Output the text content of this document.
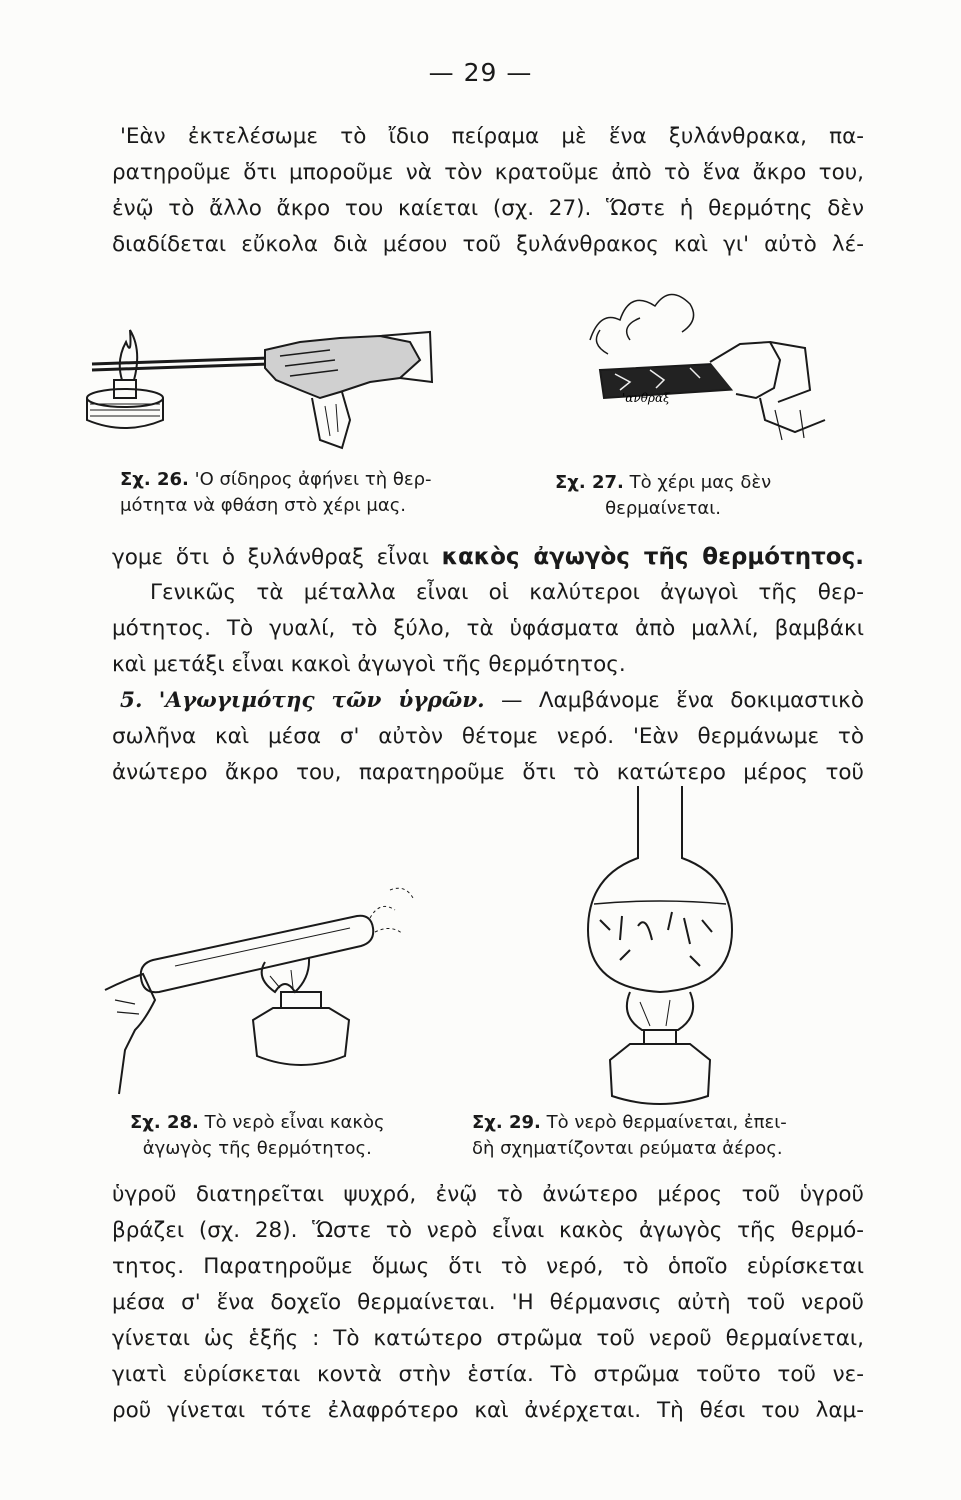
— 29 —
'Εὰν ἐκτελέσωμε τὸ ἴδιο πείραμα μὲ ἕνα ξυλάνθρακα, πα-
ρατηροῦμε ὅτι μποροῦμε νὰ τὸν κρατοῦμε ἀπὸ τὸ ἕνα ἄκρο του,
ἐνῷ τὸ ἄλλο ἄκρο του καίεται (σχ. 27). Ὥστε ἡ θερμότης δὲν
διαδίδεται εὔκολα διὰ μέσου τοῦ ξυλάνθρακος καὶ γι' αὐτὸ λέ-
'ανθραξ
Σχ. 26. 'Ο σίδηρος ἀφήνει τὴ θερ-
μότητα νὰ φθάση στὸ χέρι μας.
Σχ. 27. Τὸ χέρι μας δὲν
θερμαίνεται.
γομε ὅτι ὁ ξυλάνθραξ εἶναι κακὸς ἀγωγὸς τῆς θερμότητος.
Γενικῶς τὰ μέταλλα εἶναι οἱ καλύτεροι ἀγωγοὶ τῆς θερ-
μότητος. Τὸ γυαλί, τὸ ξύλο, τὰ ὑφάσματα ἀπὸ μαλλί, βαμβάκι
καὶ μετάξι εἶναι κακοὶ ἀγωγοὶ τῆς θερμότητος.
5. 'Αγωγιμότης τῶν ὑγρῶν. — Λαμβάνομε ἕνα δοκιμαστικὸ
σωλῆνα καὶ μέσα σ' αὐτὸν θέτομε νερό. 'Εὰν θερμάνωμε τὸ
ἀνώτερο ἄκρο του, παρατηροῦμε ὅτι τὸ κατώτερο μέρος τοῦ
Σχ. 28. Τὸ νερὸ εἶναι κακὸς
ἀγωγὸς τῆς θερμότητος.
Σχ. 29. Τὸ νερὸ θερμαίνεται, ἐπει-
δὴ σχηματίζονται ρεύματα ἀέρος.
ὑγροῦ διατηρεῖται ψυχρό, ἐνῷ τὸ ἀνώτερο μέρος τοῦ ὑγροῦ
βράζει (σχ. 28). Ὥστε τὸ νερὸ εἶναι κακὸς ἀγωγὸς τῆς θερμό-
τητος. Παρατηροῦμε ὅμως ὅτι τὸ νερό, τὸ ὁποῖο εὑρίσκεται
μέσα σ' ἕνα δοχεῖο θερμαίνεται. 'Η θέρμανσις αὐτὴ τοῦ νεροῦ
γίνεται ὡς ἑξῆς : Τὸ κατώτερο στρῶμα τοῦ νεροῦ θερμαίνεται,
γιατὶ εὑρίσκεται κοντὰ στὴν ἑστία. Τὸ στρῶμα τοῦτο τοῦ νε-
ροῦ γίνεται τότε ἐλαφρότερο καὶ ἀνέρχεται. Τὴ θέσι του λαμ-
